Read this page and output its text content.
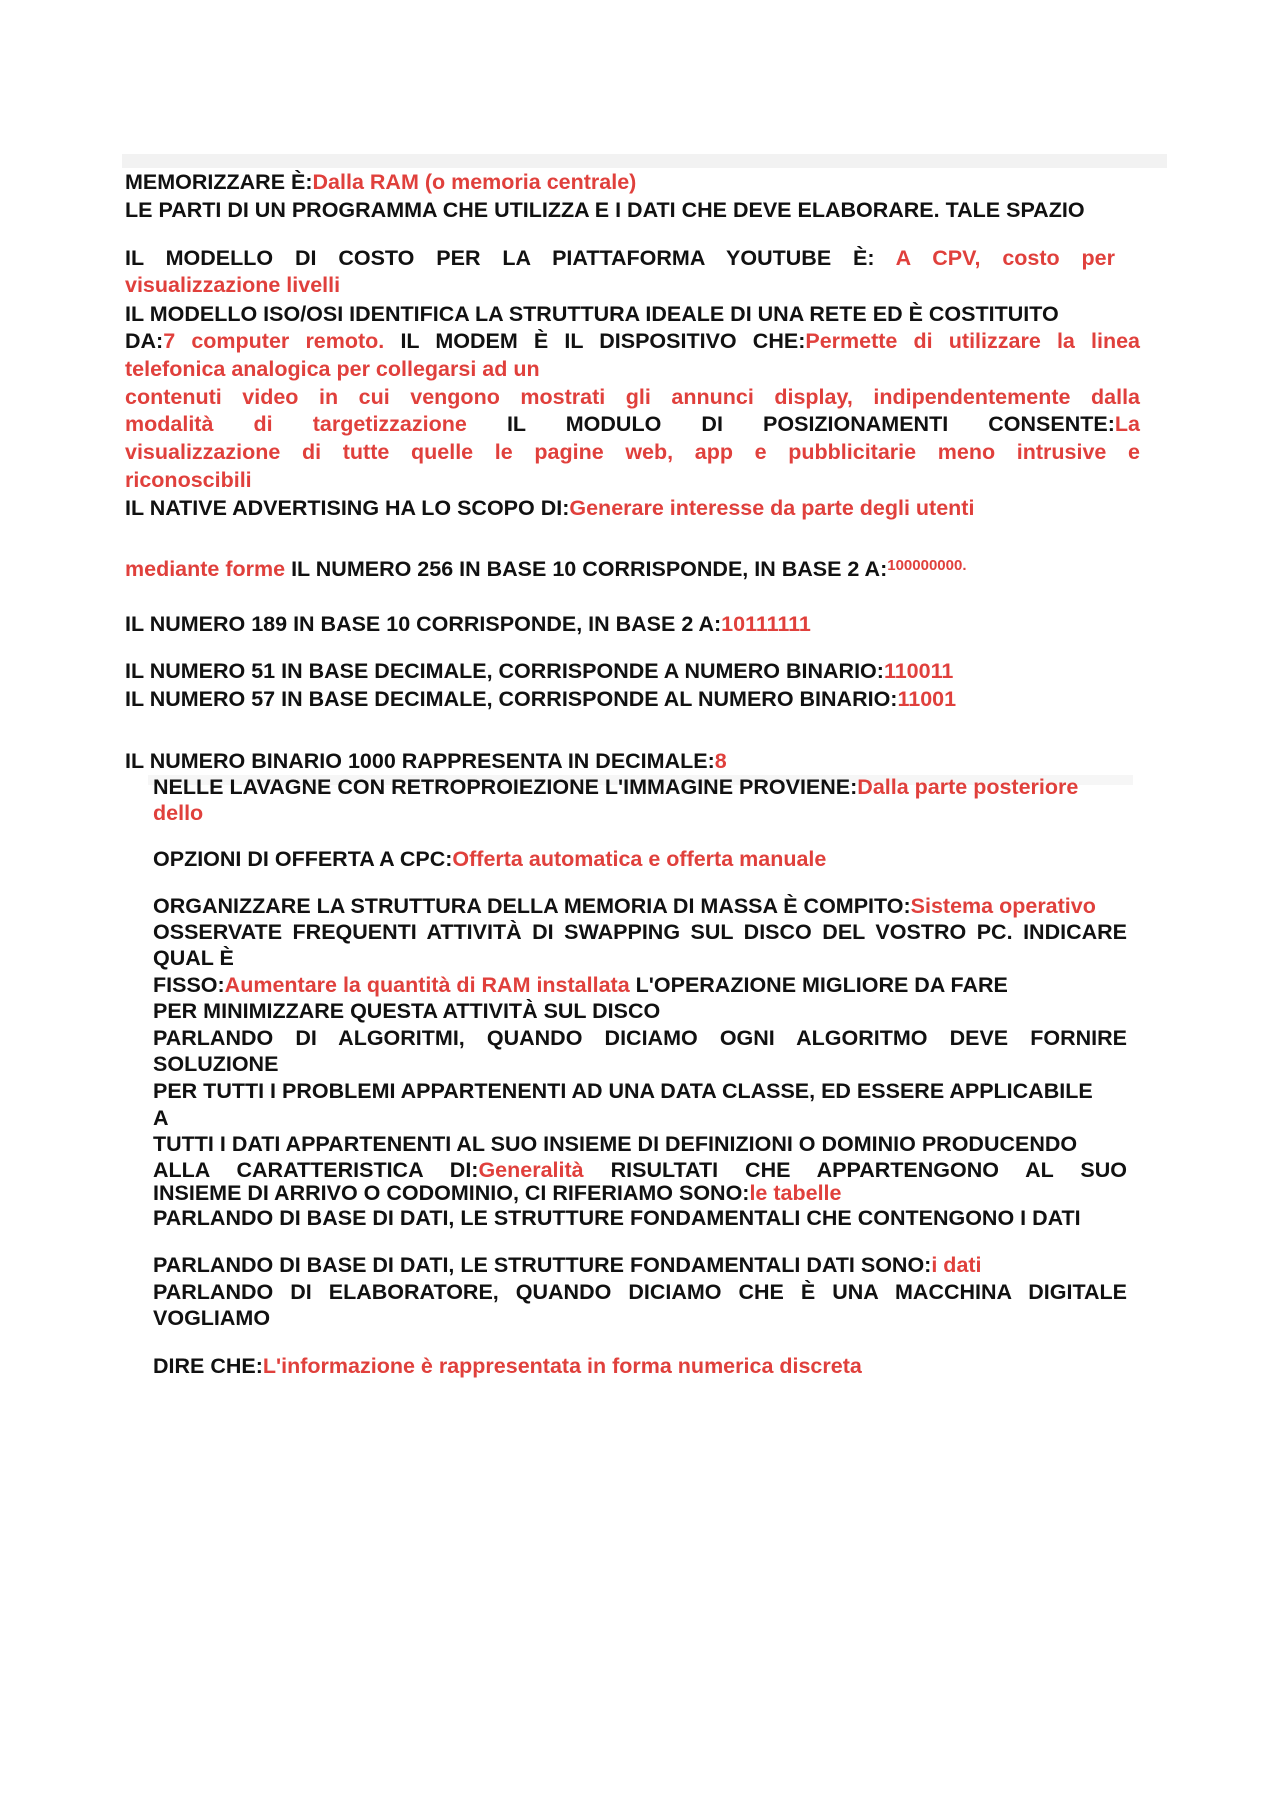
MEMORIZZARE È:Dalla RAM (o memoria centrale)
LE PARTI DI UN PROGRAMMA CHE UTILIZZA E I DATI CHE DEVE ELABORARE. TALE SPAZIO
IL MODELLO DI COSTO PER LA PIATTAFORMA YOUTUBE È: A CPV, costo per
visualizzazione livelli
IL MODELLO ISO/OSI IDENTIFICA LA STRUTTURA IDEALE DI UNA RETE ED È COSTITUITO
DA:7 computer remoto. IL MODEM È IL DISPOSITIVO CHE:Permette di utilizzare la linea
telefonica analogica per collegarsi ad un
contenuti video in cui vengono mostrati gli annunci display, indipendentemente dalla
modalità di targetizzazione IL MODULO DI POSIZIONAMENTI CONSENTE:La
visualizzazione di tutte quelle le pagine web, app e pubblicitarie meno intrusive e
riconoscibili
IL NATIVE ADVERTISING HA LO SCOPO DI:Generare interesse da parte degli utenti
mediante forme IL NUMERO 256 IN BASE 10 CORRISPONDE, IN BASE 2 A:$^{100000000.}$
IL NUMERO 189 IN BASE 10 CORRISPONDE, IN BASE 2 A:10111111
IL NUMERO 51 IN BASE DECIMALE, CORRISPONDE A NUMERO BINARIO:110011
IL NUMERO 57 IN BASE DECIMALE, CORRISPONDE AL NUMERO BINARIO:11001
IL NUMERO BINARIO 1000 RAPPRESENTA IN DECIMALE:8
NELLE LAVAGNE CON RETROPROIEZIONE L'IMMAGINE PROVIENE:Dalla parte posteriore
dello
OPZIONI DI OFFERTA A CPC:Offerta automatica e offerta manuale
ORGANIZZARE LA STRUTTURA DELLA MEMORIA DI MASSA È COMPITO:Sistema operativo
OSSERVATE FREQUENTI ATTIVITÀ DI SWAPPING SUL DISCO DEL VOSTRO PC. INDICARE
QUAL È
FISSO:Aumentare la quantità di RAM installata L'OPERAZIONE MIGLIORE DA FARE
PER MINIMIZZARE QUESTA ATTIVITÀ SUL DISCO
PARLANDO DI ALGORITMI, QUANDO DICIAMO OGNI ALGORITMO DEVE FORNIRE
SOLUZIONE
PER TUTTI I PROBLEMI APPARTENENTI AD UNA DATA CLASSE, ED ESSERE APPLICABILE
A
TUTTI I DATI APPARTENENTI AL SUO INSIEME DI DEFINIZIONI O DOMINIO PRODUCENDO
ALLA CARATTERISTICA DI:Generalità RISULTATI CHE APPARTENGONO AL SUO
INSIEME DI ARRIVO O CODOMINIO, CI RIFERIAMO SONO:le tabelle
PARLANDO DI BASE DI DATI, LE STRUTTURE FONDAMENTALI CHE CONTENGONO I DATI
PARLANDO DI BASE DI DATI, LE STRUTTURE FONDAMENTALI DATI SONO:i dati
PARLANDO DI ELABORATORE, QUANDO DICIAMO CHE È UNA MACCHINA DIGITALE
VOGLIAMO
DIRE CHE:L'informazione è rappresentata in forma numerica discreta
